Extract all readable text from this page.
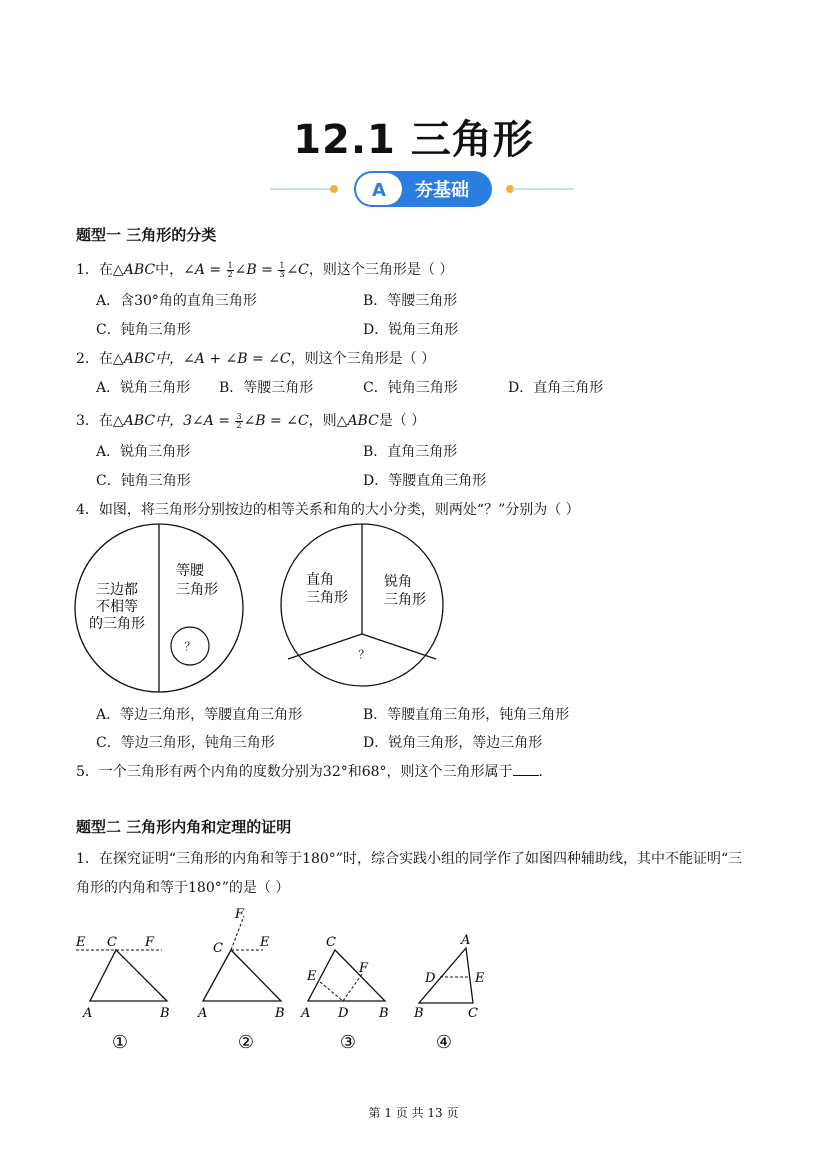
12.1 三角形
A 夯基础
题型一 三角形的分类
1．在△ABC中，∠A = $\frac{1}{2}$ ∠B = $\frac{1}{3}$ ∠C，则这个三角形是（ ）
A．含30°角的直角三角形	B．等腰三角形
C．钝角三角形	D．锐角三角形
2．在△ABC中，∠A + ∠B = ∠C，则这个三角形是（ ）
A．锐角三角形 B．等腰三角形	C．钝角三角形	D．直角三角形
3．在△ABC中，3∠A = $\frac{3}{2}$ ∠B = ∠C，则△ABC是（ ）
A．锐角三角形	B．直角三角形
C．钝角三角形	D．等腰直角三角形
4．如图，将三角形分别按边的相等关系和角的大小分类，则两处“？”分别为（ ）
三边都
不相等
的三角形
等腰
三角形
？
直角
三角形
锐角
三角形
？
A．等边三角形，等腰直角三角形	B．等腰直角三角形，钝角三角形
C．等边三角形，钝角三角形	D．锐角三角形，等边三角形
5．一个三角形有两个内角的度数分别为32°和68°，则这个三角形属于 ．
题型二 三角形内角和定理的证明
1．在探究证明“三角形的内角和等于180°”时，综合实践小组的同学作了如图四种辅助线，其中不能证明“三
角形的内角和等于180°”的是（ ）
E C F
A	B
①
F
C	E
A	B
②
C
E
F
A D B
③
A
D	E
B	C
④
第 1 页 共 13 页
